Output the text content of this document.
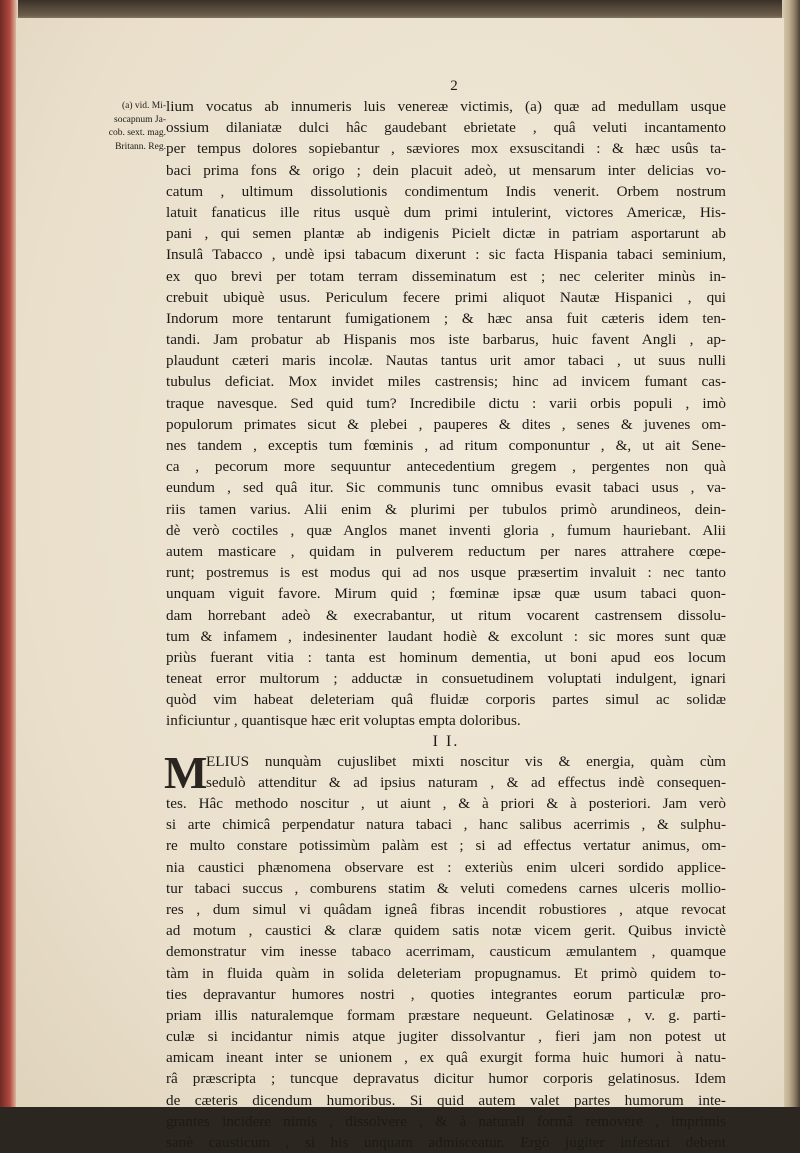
2
(a) vid. Mi-
socapnum Ja-
cob. sext. mag.
Britann. Reg.
lium vocatus ab innumeris luis venereæ victimis, (a) quæ ad medullam usque
ossium dilaniatæ dulci hâc gaudebant ebrietate , quâ veluti incantamento
per tempus dolores sopiebantur , sæviores mox exsuscitandi : & hæc usûs ta-
baci prima fons & origo ; dein placuit adeò, ut mensarum inter delicias vo-
catum , ultimum dissolutionis condimentum Indis venerit. Orbem nostrum
latuit fanaticus ille ritus usquè dum primi intulerint, victores Americæ, His-
pani , qui semen plantæ ab indigenis Picielt dictæ in patriam asportarunt ab
Insulâ Tabacco , undè ipsi tabacum dixerunt : sic facta Hispania tabaci seminium,
ex quo brevi per totam terram disseminatum est ; nec celeriter minùs in-
crebuit ubiquè usus. Periculum fecere primi aliquot Nautæ Hispanici , qui
Indorum more tentarunt fumigationem ; & hæc ansa fuit cæteris idem ten-
tandi. Jam probatur ab Hispanis mos iste barbarus, huic favent Angli , ap-
plaudunt cæteri maris incolæ. Nautas tantus urit amor tabaci , ut suus nulli
tubulus deficiat. Mox invidet miles castrensis; hinc ad invicem fumant cas-
traque navesque. Sed quid tum? Incredibile dictu : varii orbis populi , imò
populorum primates sicut & plebei , pauperes & dites , senes & juvenes om-
nes tandem , exceptis tum fœminis , ad ritum componuntur , &, ut ait Sene-
ca , pecorum more sequuntur antecedentium gregem , pergentes non quà
eundum , sed quâ itur. Sic communis tunc omnibus evasit tabaci usus , va-
riis tamen varius. Alii enim & plurimi per tubulos primò arundineos, dein-
dè verò coctiles , quæ Anglos manet inventi gloria , fumum hauriebant. Alii
autem masticare , quidam in pulverem reductum per nares attrahere cœpe-
runt; postremus is est modus qui ad nos usque præsertim invaluit : nec tanto
unquam viguit favore. Mirum quid ; fœminæ ipsæ quæ usum tabaci quon-
dam horrebant adeò & execrabantur, ut ritum vocarent castrensem dissolu-
tum & infamem , indesinenter laudant hodiè & excolunt : sic mores sunt quæ
priùs fuerant vitia : tanta est hominum dementia, ut boni apud eos locum
teneat error multorum ; adductæ in consuetudinem voluptati indulgent, ignari
quòd vim habeat deleteriam quâ fluidæ corporis partes simul ac solidæ
inficiuntur , quantisque hæc erit voluptas empta doloribus.
I I.
M
ELIUS nunquàm cujuslibet mixti noscitur vis & energia, quàm cùm
sedulò attenditur & ad ipsius naturam , & ad effectus indè consequen-
tes. Hâc methodo noscitur , ut aiunt , & à priori & à posteriori. Jam verò
si arte chimicâ perpendatur natura tabaci , hanc salibus acerrimis , & sulphu-
re multo constare potissimùm palàm est ; si ad effectus vertatur animus, om-
nia caustici phænomena observare est : exteriùs enim ulceri sordido applice-
tur tabaci succus , comburens statim & veluti comedens carnes ulceris mollio-
res , dum simul vi quâdam igneâ fibras incendit robustiores , atque revocat
ad motum , caustici & claræ quidem satis notæ vicem gerit. Quibus invictè
demonstratur vim inesse tabaco acerrimam, causticum æmulantem , quamque
tàm in fluida quàm in solida deleteriam propugnamus. Et primò quidem to-
ties depravantur humores nostri , quoties integrantes eorum particulæ pro-
priam illis naturalemque formam præstare nequeunt. Gelatinosæ , v. g. parti-
culæ si incidantur nimis atque jugiter dissolvantur , fieri jam non potest ut
amicam ineant inter se unionem , ex quâ exurgit forma huic humori à natu-
râ præscripta ; tuncque depravatus dicitur humor corporis gelatinosus. Idem
de cæteris dicendum humoribus. Si quid autem valet partes humorum inte-
grantes incidere nimis , dissolvere , & à naturali formâ removere , imprimis
sanè causticum , si his unquam admisceatur. Ergò jugiter infestari debent
